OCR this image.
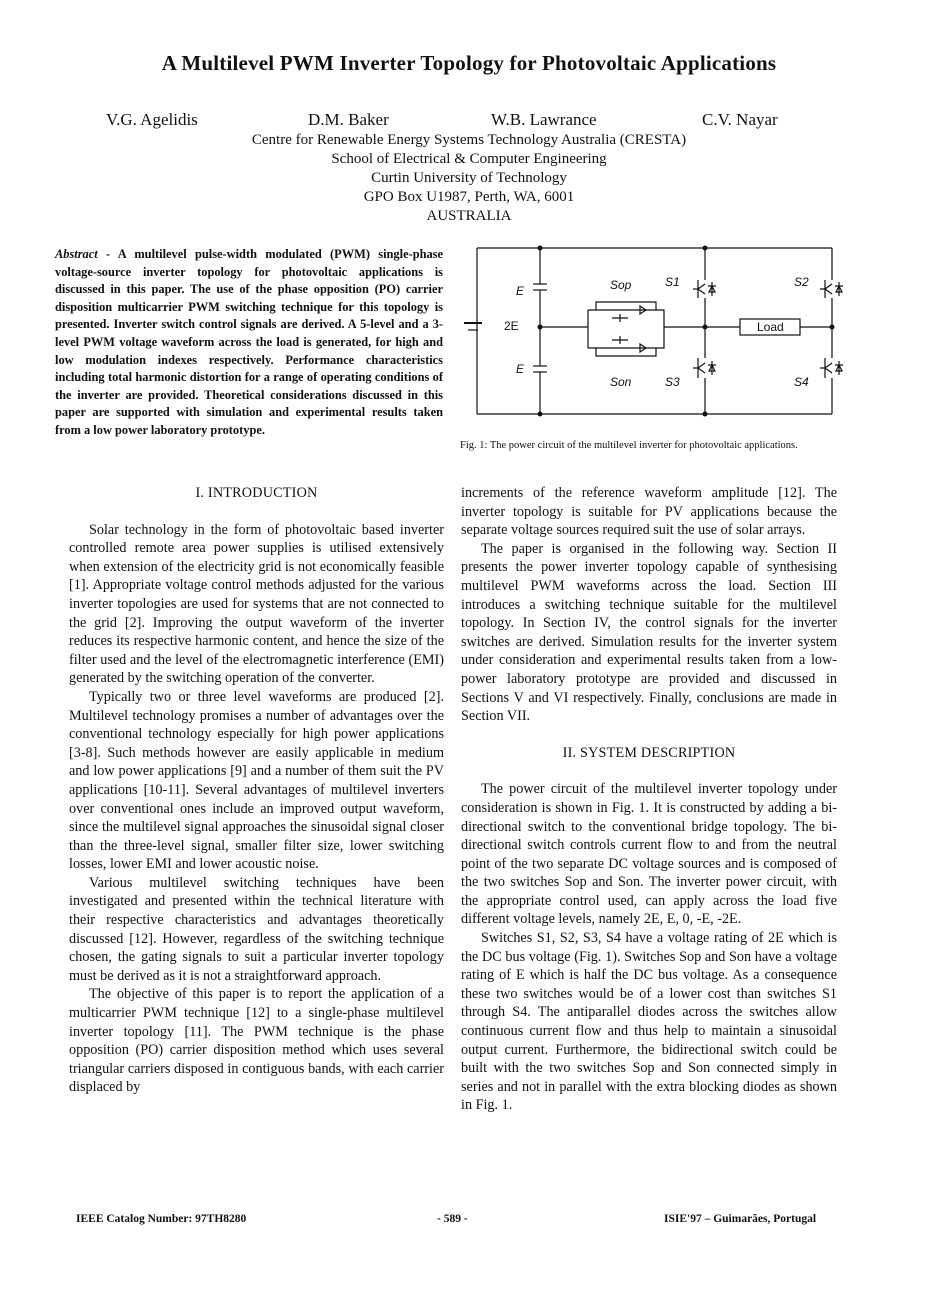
A Multilevel PWM Inverter Topology for Photovoltaic Applications
V.G. Agelidis	D.M. Baker	W.B. Lawrance	C.V. Nayar
Centre for Renewable Energy Systems Technology Australia (CRESTA)
School of Electrical & Computer Engineering
Curtin University of Technology
GPO Box U1987, Perth, WA, 6001
AUSTRALIA
Abstract - A multilevel pulse-width modulated (PWM) single-phase voltage-source inverter topology for photovoltaic applications is discussed in this paper. The use of the phase opposition (PO) carrier disposition multicarrier PWM switching technique for this topology is presented. Inverter switch control signals are derived. A 5-level and a 3-level PWM voltage waveform across the load is generated, for high and low modulation indexes respectively. Performance characteristics including total harmonic distortion for a range of operating conditions of the inverter are provided. Theoretical considerations discussed in this paper are supported with simulation and experimental results taken from a low power laboratory prototype.
E
2E
E
Sop
Son
S1	S2
S3	S4
Load
Fig. 1: The power circuit of the multilevel inverter for photovoltaic applications.
I. INTRODUCTION

Solar technology in the form of photovoltaic based inverter controlled remote area power supplies is utilised extensively when extension of the electricity grid is not economically feasible [1]. Appropriate voltage control methods adjusted for the various inverter topologies are used for systems that are not connected to the grid [2]. Improving the output waveform of the inverter reduces its respective harmonic content, and hence the size of the filter used and the level of the electromagnetic interference (EMI) generated by the switching operation of the converter.

Typically two or three level waveforms are produced [2]. Multilevel technology promises a number of advantages over the conventional technology especially for high power applications [3-8]. Such methods however are easily applicable in medium and low power applications [9] and a number of them suit the PV applications [10-11]. Several advantages of multilevel inverters over conventional ones include an improved output waveform, since the multilevel signal approaches the sinusoidal signal closer than the three-level signal, smaller filter size, lower switching losses, lower EMI and lower acoustic noise.

Various multilevel switching techniques have been investigated and presented within the technical literature with their respective characteristics and advantages theoretically discussed [12]. However, regardless of the switching technique chosen, the gating signals to suit a particular inverter topology must be derived as it is not a straightforward approach.

The objective of this paper is to report the application of a multicarrier PWM technique [12] to a single-phase multilevel inverter topology [11]. The PWM technique is the phase opposition (PO) carrier disposition method which uses several triangular carriers disposed in contiguous bands, with each carrier displaced by

increments of the reference waveform amplitude [12]. The inverter topology is suitable for PV applications because the separate voltage sources required suit the use of solar arrays.

The paper is organised in the following way. Section II presents the power inverter topology capable of synthesising multilevel PWM waveforms across the load. Section III introduces a switching technique suitable for the multilevel topology. In Section IV, the control signals for the inverter switches are derived. Simulation results for the inverter system under consideration and experimental results taken from a low-power laboratory prototype are provided and discussed in Sections V and VI respectively. Finally, conclusions are made in Section VII.

II. SYSTEM DESCRIPTION

The power circuit of the multilevel inverter topology under consideration is shown in Fig. 1. It is constructed by adding a bi-directional switch to the conventional bridge topology. The bi-directional switch controls current flow to and from the neutral point of the two separate DC voltage sources and is composed of the two switches Sop and Son. The inverter power circuit, with the appropriate control used, can apply across the load five different voltage levels, namely 2E, E, 0, -E, -2E.

Switches S1, S2, S3, S4 have a voltage rating of 2E which is the DC bus voltage (Fig. 1). Switches Sop and Son have a voltage rating of E which is half the DC bus voltage. As a consequence these two switches would be of a lower cost than switches S1 through S4. The antiparallel diodes across the switches allow continuous current flow and thus help to maintain a sinusoidal output current. Furthermore, the bidirectional switch could be built with the two switches Sop and Son connected simply in series and not in parallel with the extra blocking diodes as shown in Fig. 1.

IEEE Catalog Number: 97TH8280	- 589 -	ISIE'97 – Guimarães, Portugal
